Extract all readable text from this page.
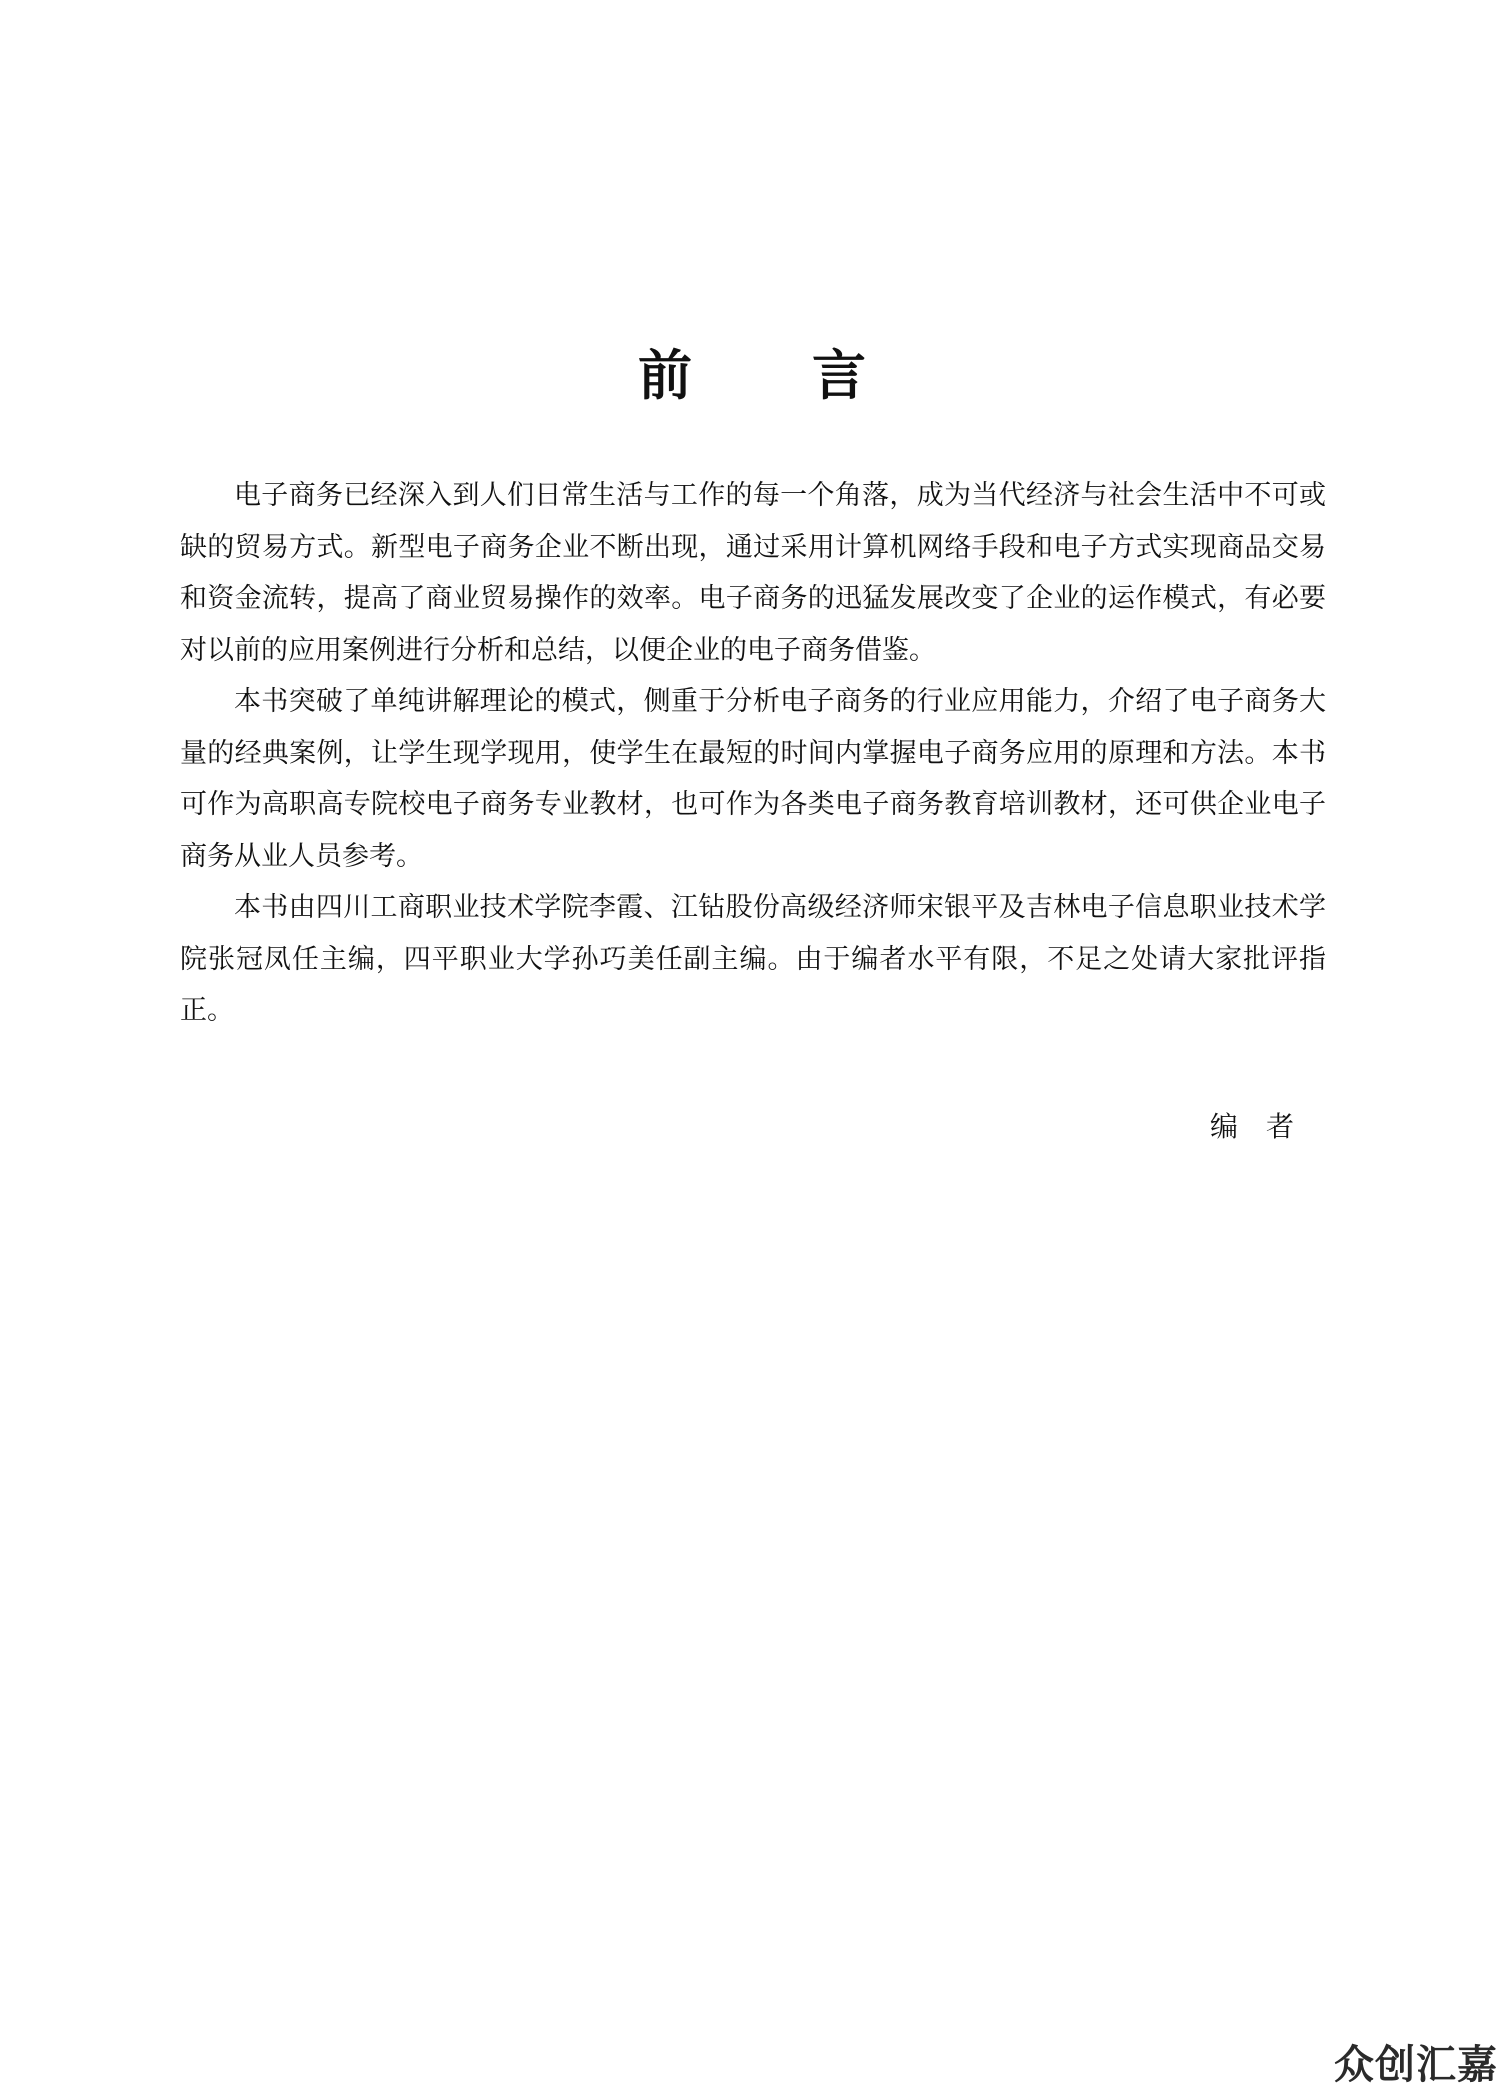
前 言

电子商务已经深入到人们日常生活与工作的每一个角落，成为当代经济与社会生活中不可或缺的贸易方式。新型电子商务企业不断出现，通过采用计算机网络手段和电子方式实现商品交易和资金流转，提高了商业贸易操作的效率。电子商务的迅猛发展改变了企业的运作模式，有必要对以前的应用案例进行分析和总结，以便企业的电子商务借鉴。

本书突破了单纯讲解理论的模式，侧重于分析电子商务的行业应用能力，介绍了电子商务大量的经典案例，让学生现学现用，使学生在最短的时间内掌握电子商务应用的原理和方法。本书可作为高职高专院校电子商务专业教材，也可作为各类电子商务教育培训教材，还可供企业电子商务从业人员参考。

本书由四川工商职业技术学院李霞、江钻股份高级经济师宋银平及吉林电子信息职业技术学院张冠凤任主编，四平职业大学孙巧美任副主编。由于编者水平有限，不足之处请大家批评指正。

编 者
众创汇嘉
